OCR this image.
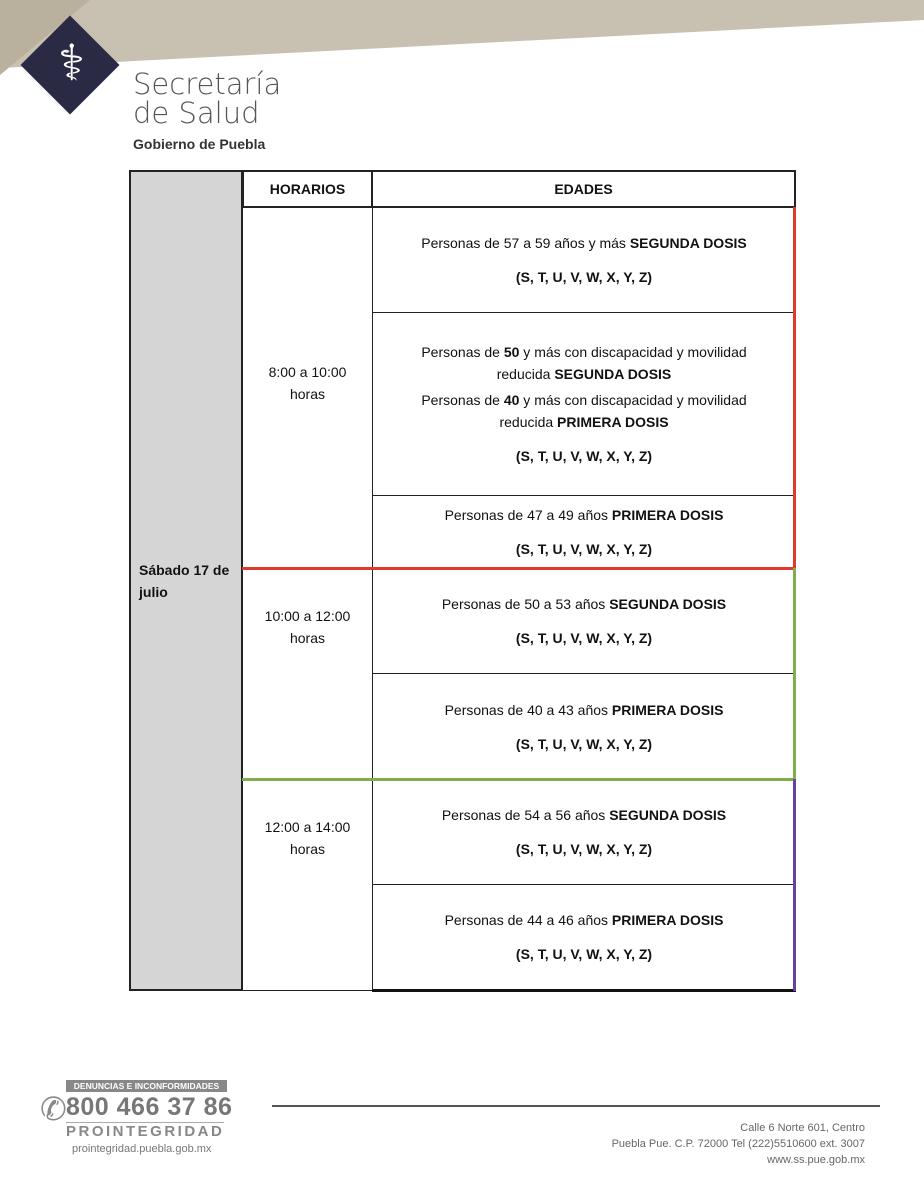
⚕ Secretaría
de Salud
Gobierno de Puebla
Sábado 17 de julio
HORARIOS	EDADES
8:00 a 10:00 horas
10:00 a 12:00 horas
12:00 a 14:00 horas
Personas de 57 a 59 años y más SEGUNDA DOSIS
(S, T, U, V, W, X, Y, Z)
Personas de 50 y más con discapacidad y movilidad reducida SEGUNDA DOSIS
Personas de 40 y más con discapacidad y movilidad reducida PRIMERA DOSIS
(S, T, U, V, W, X, Y, Z)
Personas de 47 a 49 años PRIMERA DOSIS
(S, T, U, V, W, X, Y, Z)
Personas de 50 a 53 años SEGUNDA DOSIS
(S, T, U, V, W, X, Y, Z)
Personas de 40 a 43 años PRIMERA DOSIS
(S, T, U, V, W, X, Y, Z)
Personas de 54 a 56 años SEGUNDA DOSIS
(S, T, U, V, W, X, Y, Z)
Personas de 44 a 46 años PRIMERA DOSIS
(S, T, U, V, W, X, Y, Z)
DENUNCIAS E INCONFORMIDADES
✆ 800 466 37 86
PROINTEGRIDAD
prointegridad.puebla.gob.mx
Calle 6 Norte 601, Centro
Puebla Pue. C.P. 72000 Tel (222)5510600 ext. 3007
www.ss.pue.gob.mx
